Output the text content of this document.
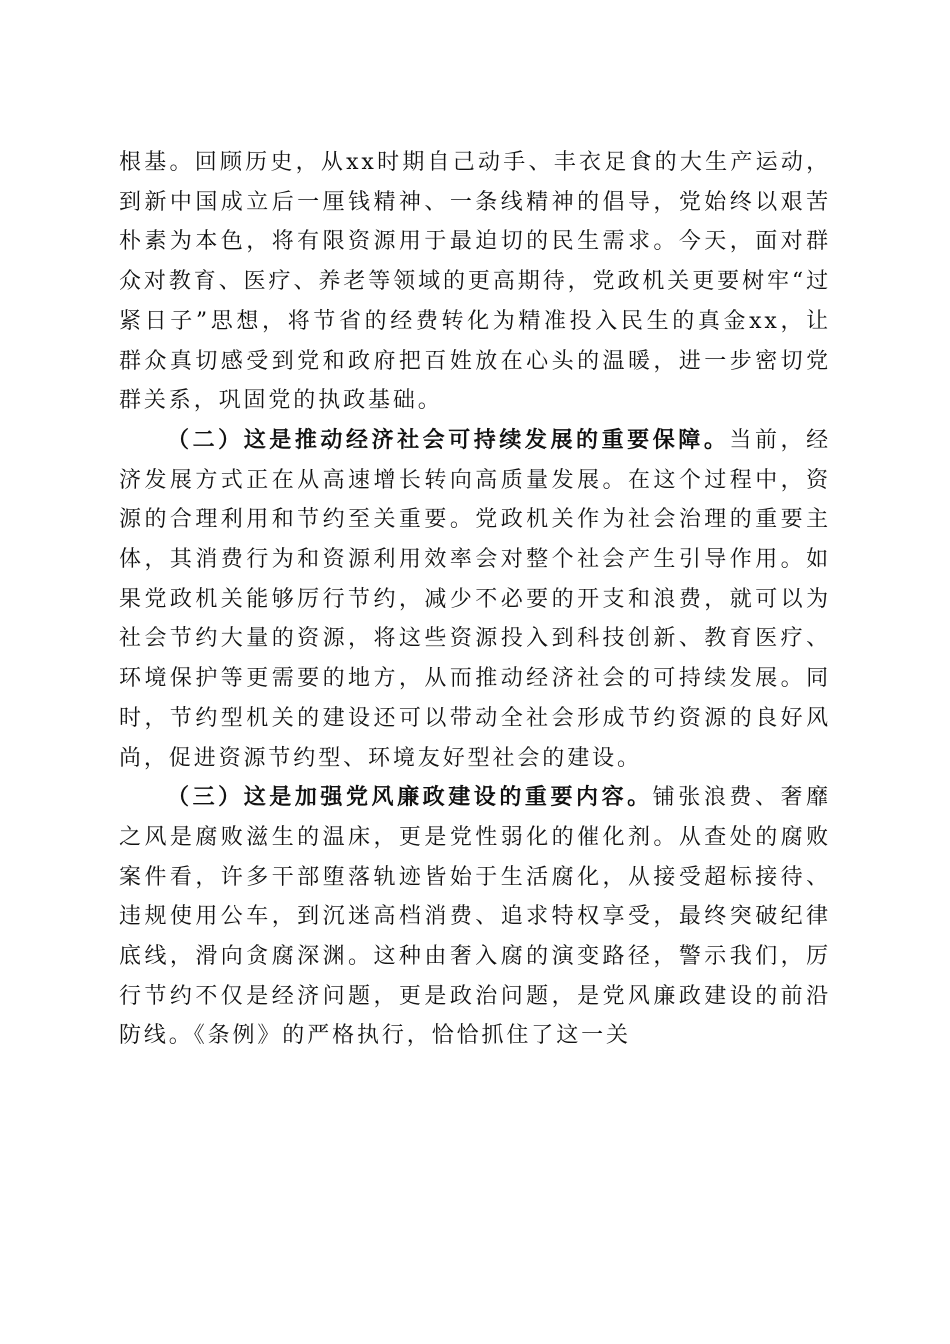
根基。回顾历史，从xx时期自己动手、丰衣足食的大生产运动，到新中国成立后一厘钱精神、一条线精神的倡导，党始终以艰苦朴素为本色，将有限资源用于最迫切的民生需求。今天，面对群众对教育、医疗、养老等领域的更高期待，党政机关更要树牢“过紧日子”思想，将节省的经费转化为精准投入民生的真金xx，让群众真切感受到党和政府把百姓放在心头的温暖，进一步密切党群关系，巩固党的执政基础。

（二）这是推动经济社会可持续发展的重要保障。当前，经济发展方式正在从高速增长转向高质量发展。在这个过程中，资源的合理利用和节约至关重要。党政机关作为社会治理的重要主体，其消费行为和资源利用效率会对整个社会产生引导作用。如果党政机关能够厉行节约，减少不必要的开支和浪费，就可以为社会节约大量的资源，将这些资源投入到科技创新、教育医疗、环境保护等更需要的地方，从而推动经济社会的可持续发展。同时，节约型机关的建设还可以带动全社会形成节约资源的良好风尚，促进资源节约型、环境友好型社会的建设。

（三）这是加强党风廉政建设的重要内容。铺张浪费、奢靡之风是腐败滋生的温床，更是党性弱化的催化剂。从查处的腐败案件看，许多干部堕落轨迹皆始于生活腐化，从接受超标接待、违规使用公车，到沉迷高档消费、追求特权享受，最终突破纪律底线，滑向贪腐深渊。这种由奢入腐的演变路径，警示我们，厉行节约不仅是经济问题，更是政治问题，是党风廉政建设的前沿防线。《条例》的严格执行，恰恰抓住了这一关
